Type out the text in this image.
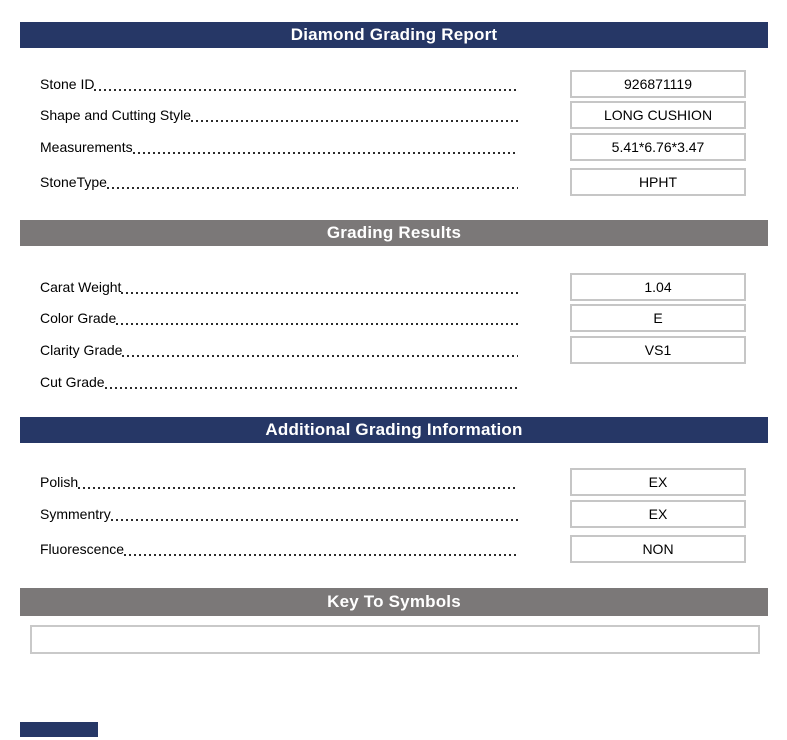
Diamond Grading Report
Stone ID	926871119
Shape and Cutting Style	LONG CUSHION
Measurements	5.41*6.76*3.47
StoneType	HPHT
Grading Results
Carat Weight	1.04
Color Grade	E
Clarity Grade	VS1
Cut Grade
Additional Grading Information
Polish	EX
Symmentry	EX
Fluorescence	NON
Key To Symbols
